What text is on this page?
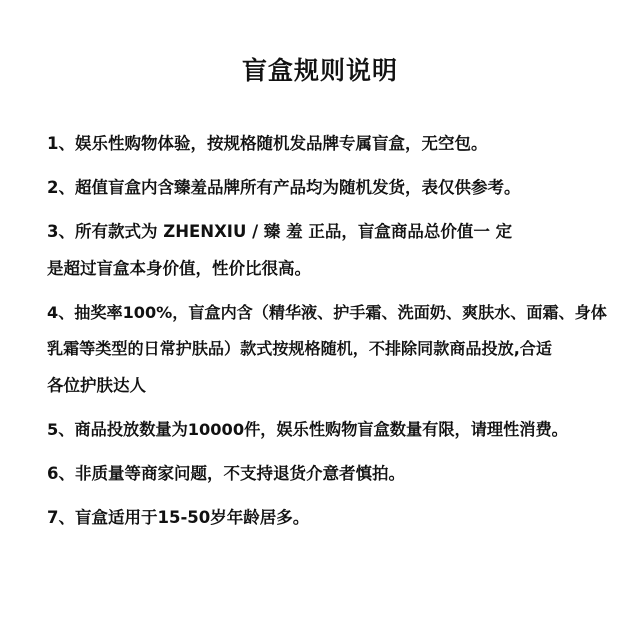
盲盒规则说明
1、娱乐性购物体验，按规格随机发品牌专属盲盒，无空包。
2、超值盲盒内含臻羞品牌所有产品均为随机发货，表仅供参考。
3、所有款式为 ZHENXIU / 臻 羞 正品，盲盒商品总价值一 定
是超过盲盒本身价值，性价比很高。
4、抽奖率100%，盲盒内含（精华液、护手霜、洗面奶、爽肤水、面霜、身体
乳霜等类型的日常护肤品）款式按规格随机，不排除同款商品投放,合适
各位护肤达人
5、商品投放数量为10000件，娱乐性购物盲盒数量有限，请理性消费。
6、非质量等商家问题，不支持退货介意者慎拍。
7、盲盒适用于15-50岁年龄居多。
